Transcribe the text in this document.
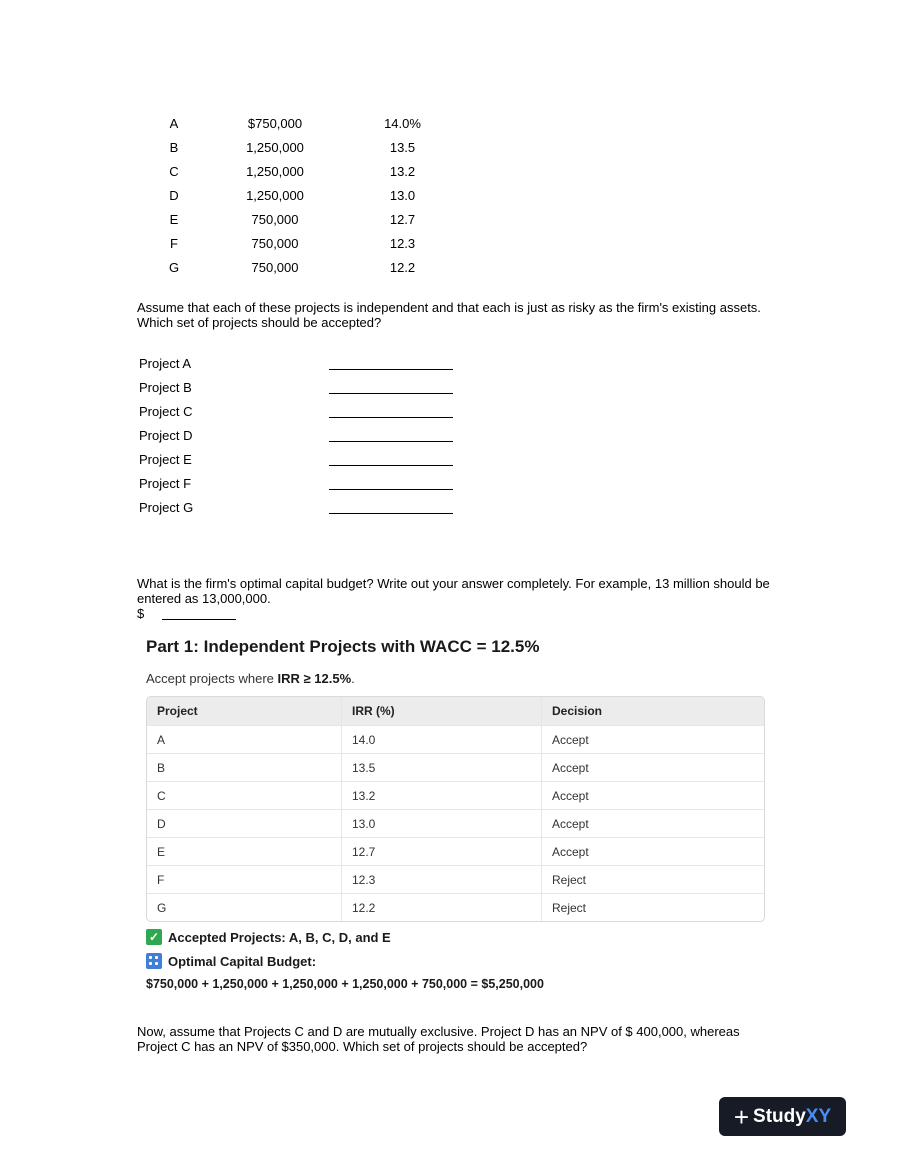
A	$750,000	14.0%
B	1,250,000	13.5
C	1,250,000	13.2
D	1,250,000	13.0
E	750,000	12.7
F	750,000	12.3
G	750,000	12.2
Assume that each of these projects is independent and that each is just as risky as the firm's existing assets. Which set of projects should be accepted?
Project A
Project B
Project C
Project D
Project E
Project F
Project G
What is the firm's optimal capital budget? Write out your answer completely. For example, 13 million should be entered as 13,000,000.
$
Part 1: Independent Projects with WACC = 12.5%
Accept projects where IRR ≥ 12.5%.
Project	IRR (%)	Decision
A	14.0	Accept
B	13.5	Accept
C	13.2	Accept
D	13.0	Accept
E	12.7	Accept
F	12.3	Reject
G	12.2	Reject
✓ Accepted Projects: A, B, C, D, and E
Optimal Capital Budget:
$750,000 + 1,250,000 + 1,250,000 + 1,250,000 + 750,000 = $5,250,000
Now, assume that Projects C and D are mutually exclusive. Project D has an NPV of $ 400,000, whereas Project C has an NPV of $350,000. Which set of projects should be accepted?
+ Study XY
